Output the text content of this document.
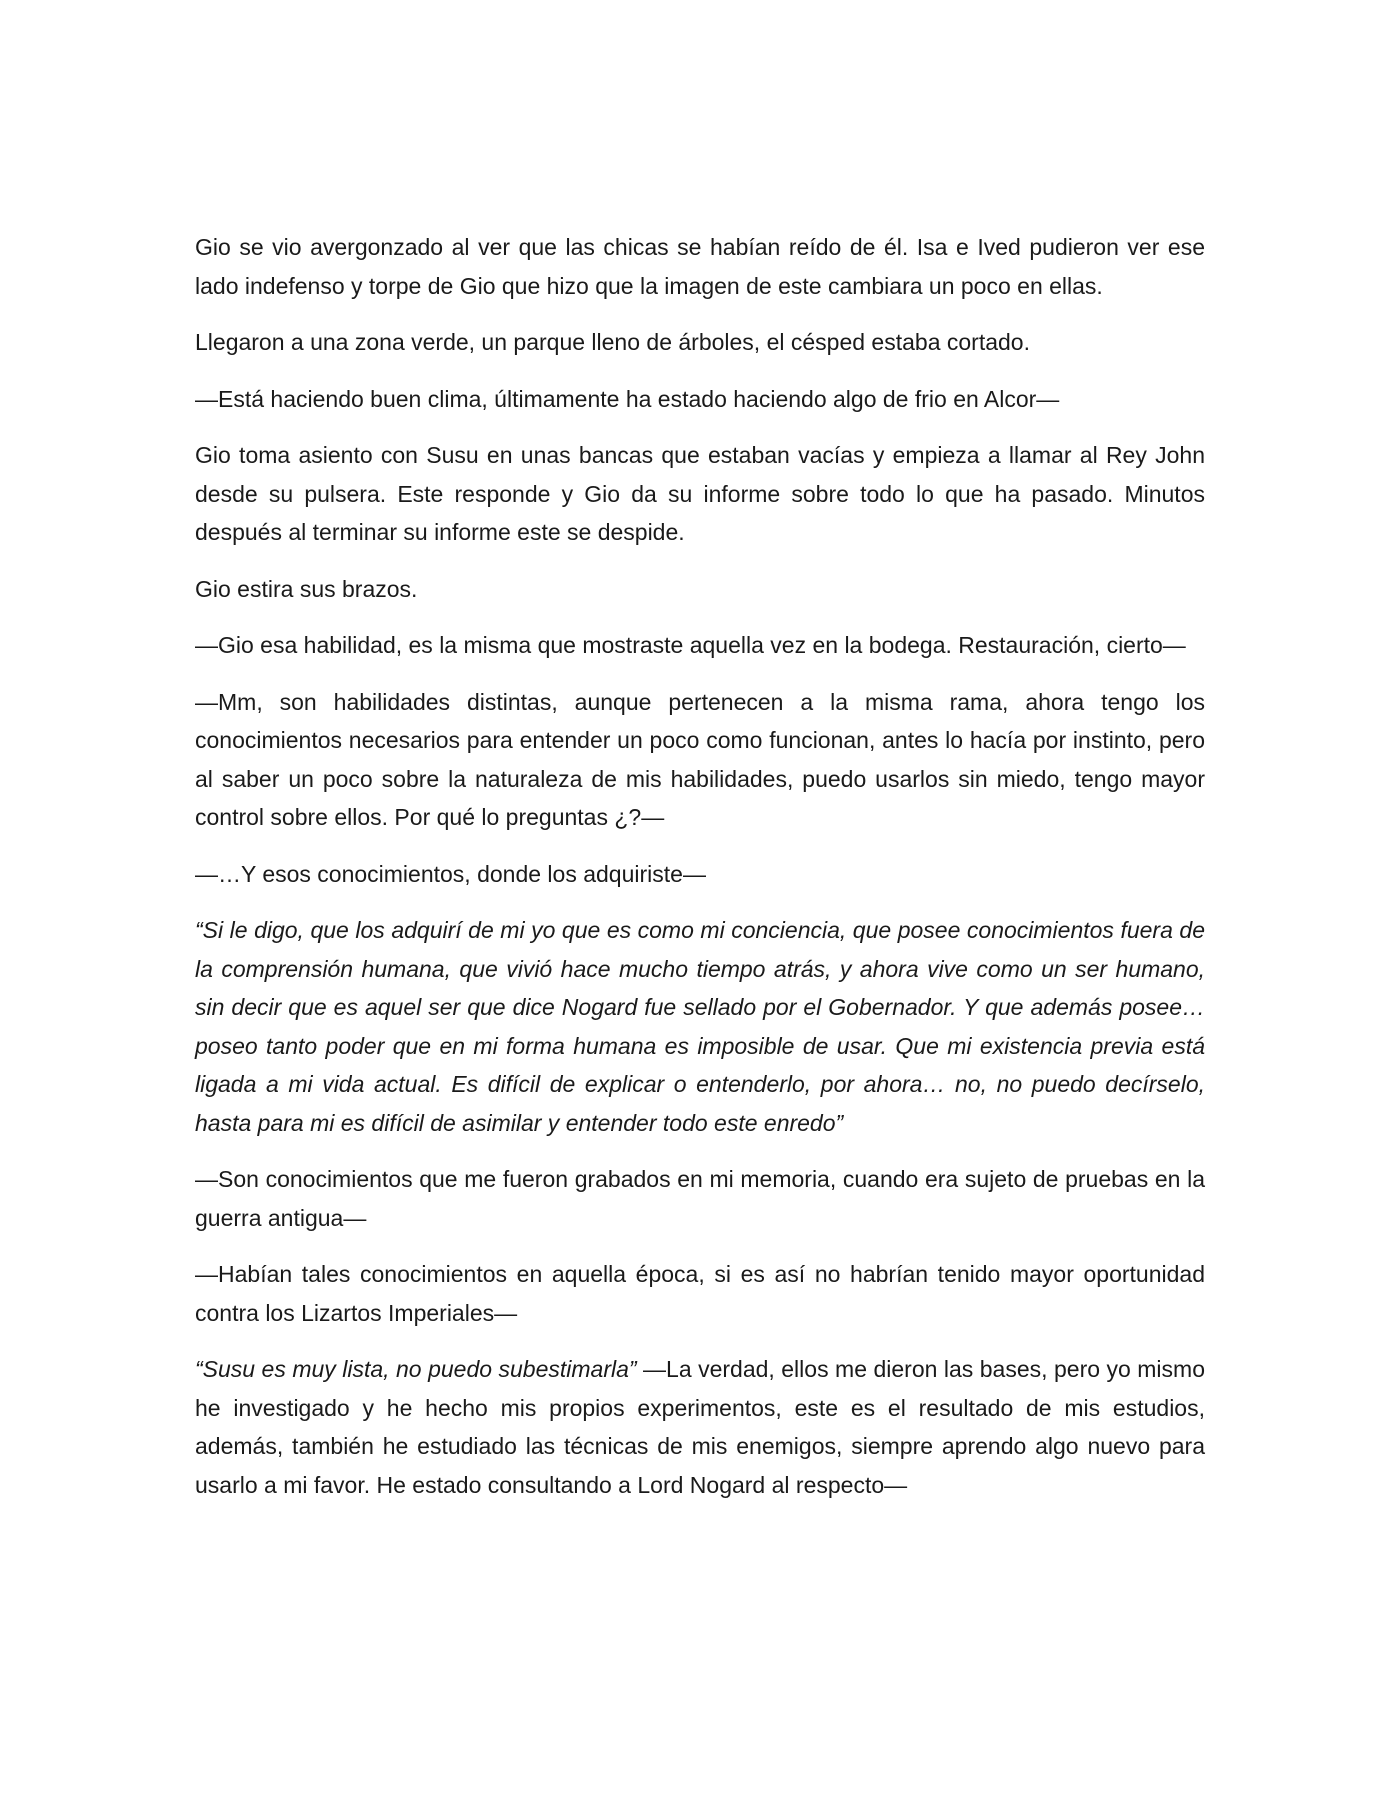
Gio se vio avergonzado al ver que las chicas se habían reído de él. Isa e Ived pudieron ver ese lado indefenso y torpe de Gio que hizo que la imagen de este cambiara un poco en ellas.

Llegaron a una zona verde, un parque lleno de árboles, el césped estaba cortado.

—Está haciendo buen clima, últimamente ha estado haciendo algo de frio en Alcor—

Gio toma asiento con Susu en unas bancas que estaban vacías y empieza a llamar al Rey John desde su pulsera. Este responde y Gio da su informe sobre todo lo que ha pasado. Minutos después al terminar su informe este se despide.

Gio estira sus brazos.

—Gio esa habilidad, es la misma que mostraste aquella vez en la bodega. Restauración, cierto—

—Mm, son habilidades distintas, aunque pertenecen a la misma rama, ahora tengo los conocimientos necesarios para entender un poco como funcionan, antes lo hacía por instinto, pero al saber un poco sobre la naturaleza de mis habilidades, puedo usarlos sin miedo, tengo mayor control sobre ellos. Por qué lo preguntas ¿?—

—…Y esos conocimientos, donde los adquiriste—

“Si le digo, que los adquirí de mi yo que es como mi conciencia, que posee conocimientos fuera de la comprensión humana, que vivió hace mucho tiempo atrás, y ahora vive como un ser humano, sin decir que es aquel ser que dice Nogard fue sellado por el Gobernador. Y que además posee… poseo tanto poder que en mi forma humana es imposible de usar. Que mi existencia previa está ligada a mi vida actual. Es difícil de explicar o entenderlo, por ahora… no, no puedo decírselo, hasta para mi es difícil de asimilar y entender todo este enredo”

—Son conocimientos que me fueron grabados en mi memoria, cuando era sujeto de pruebas en la guerra antigua—

—Habían tales conocimientos en aquella época, si es así no habrían tenido mayor oportunidad contra los Lizartos Imperiales—

“Susu es muy lista, no puedo subestimarla” —La verdad, ellos me dieron las bases, pero yo mismo he investigado y he hecho mis propios experimentos, este es el resultado de mis estudios, además, también he estudiado las técnicas de mis enemigos, siempre aprendo algo nuevo para usarlo a mi favor. He estado consultando a Lord Nogard al respecto—
